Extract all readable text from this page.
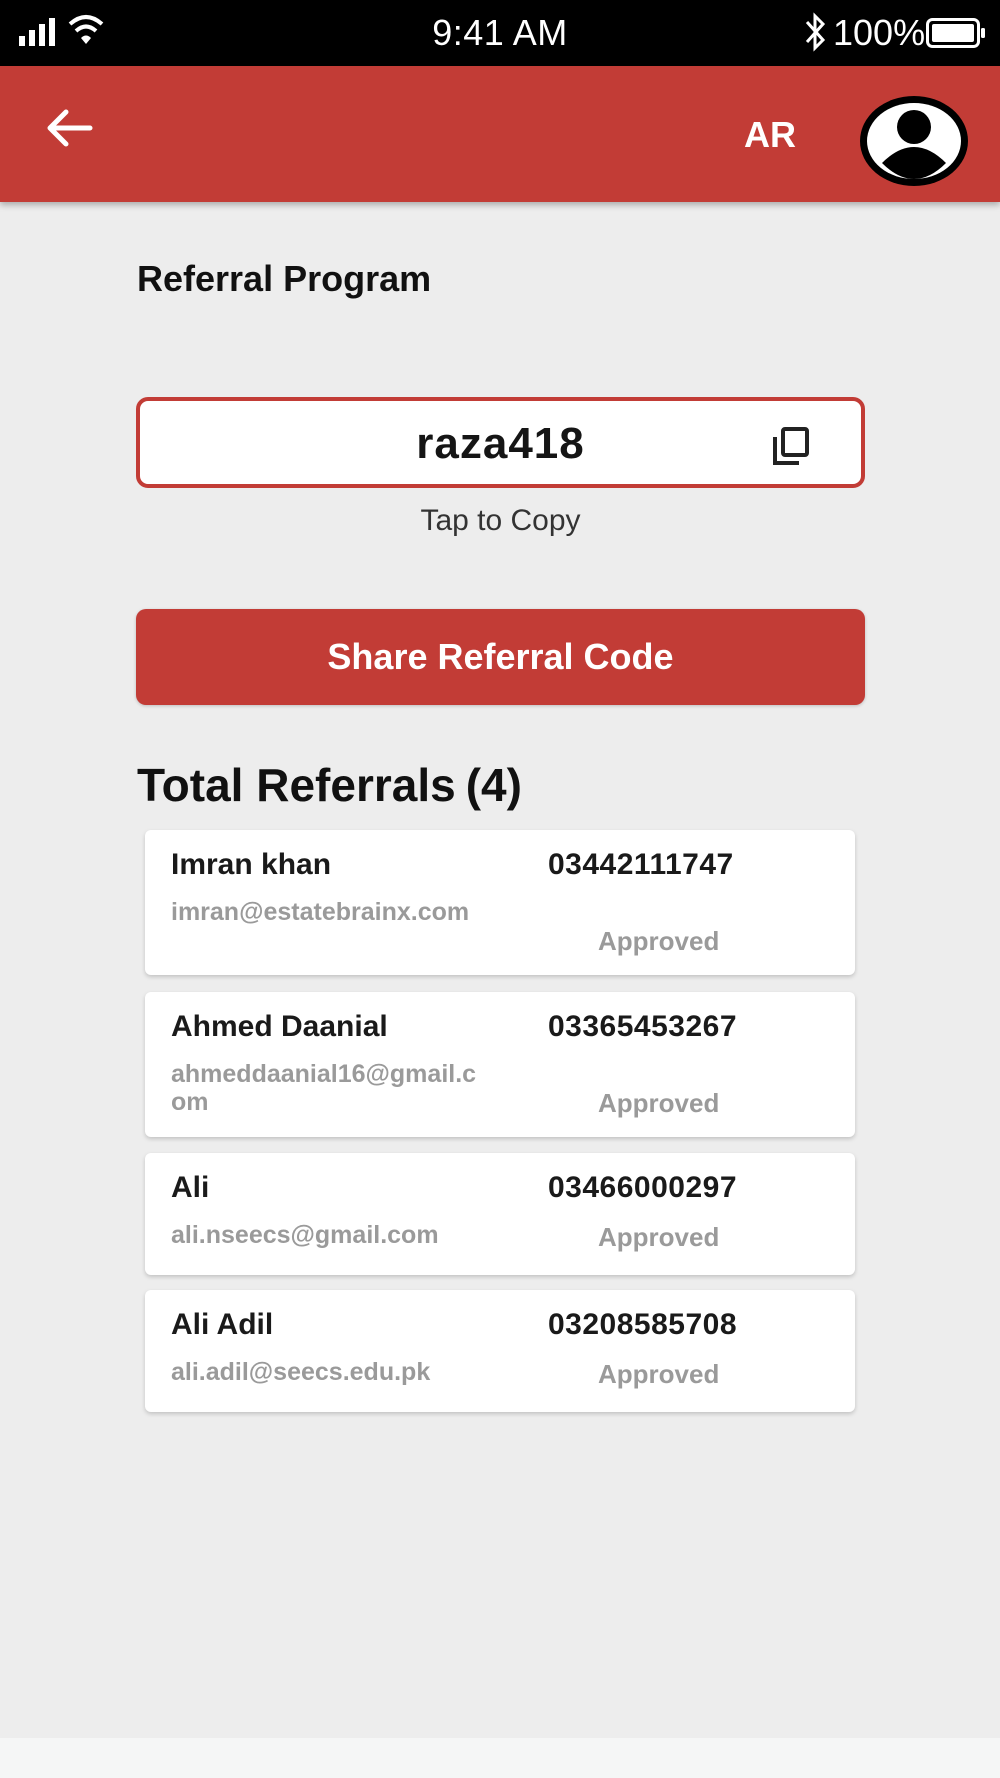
9:41 AM	100%
AR
Referral Program
raza418
Tap to Copy
Share Referral Code
Total Referrals (4)
Imran khan	03442111747
imran@estatebrainx.com
Approved
Ahmed Daanial	03365453267
ahmeddaanial16@gmail.com	Approved
Ali	03466000297
ali.nseecs@gmail.com	Approved
Ali Adil	03208585708
ali.adil@seecs.edu.pk	Approved
